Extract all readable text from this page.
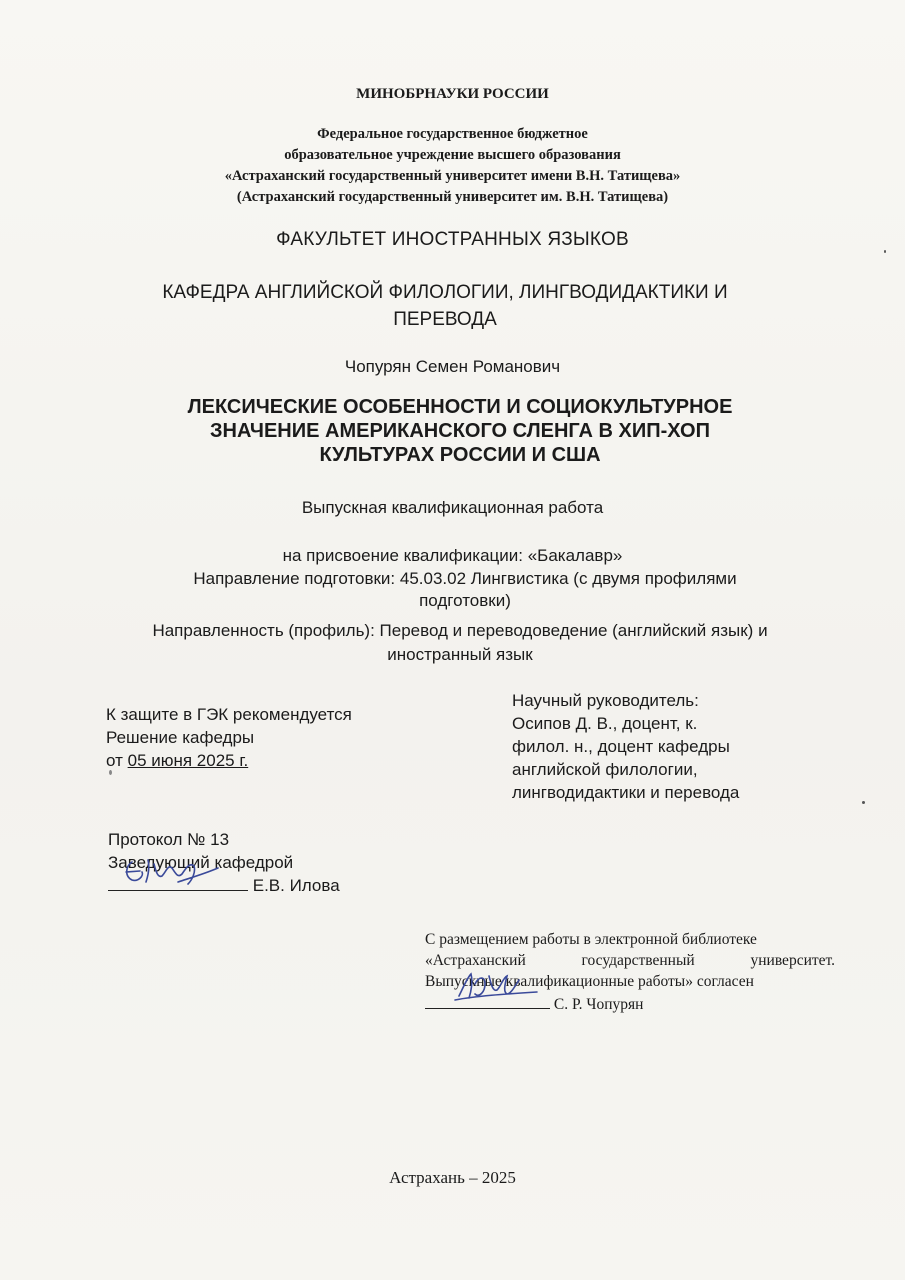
МИНОБРНАУКИ РОССИИ
Федеральное государственное бюджетное
образовательное учреждение высшего образования
«Астраханский государственный университет имени В.Н. Татищева»
(Астраханский государственный университет им. В.Н. Татищева)
ФАКУЛЬТЕТ ИНОСТРАННЫХ ЯЗЫКОВ
КАФЕДРА АНГЛИЙСКОЙ ФИЛОЛОГИИ, ЛИНГВОДИДАКТИКИ И
ПЕРЕВОДА
Чопурян Семен Романович
ЛЕКСИЧЕСКИЕ ОСОБЕННОСТИ И СОЦИОКУЛЬТУРНОЕ
ЗНАЧЕНИЕ АМЕРИКАНСКОГО СЛЕНГА В ХИП-ХОП
КУЛЬТУРАХ РОССИИ И США
Выпускная квалификационная работа
на присвоение квалификации: «Бакалавр»
Направление подготовки: 45.03.02 Лингвистика (с двумя профилями
подготовки)
Направленность (профиль): Перевод и переводоведение (английский язык) и
иностранный язык
К защите в ГЭК рекомендуется
Решение кафедры
от 05 июня 2025 г.
Научный руководитель:
Осипов Д. В., доцент, к.
филол. н., доцент кафедры
английской филологии,
лингводидактики и перевода
Протокол № 13
Заведующий кафедрой
Е.В. Илова
С размещением работы в электронной библиотеке
«Астраханский государственный университет.
Выпускные квалификационные работы» согласен
С. Р. Чопурян
Астрахань – 2025
